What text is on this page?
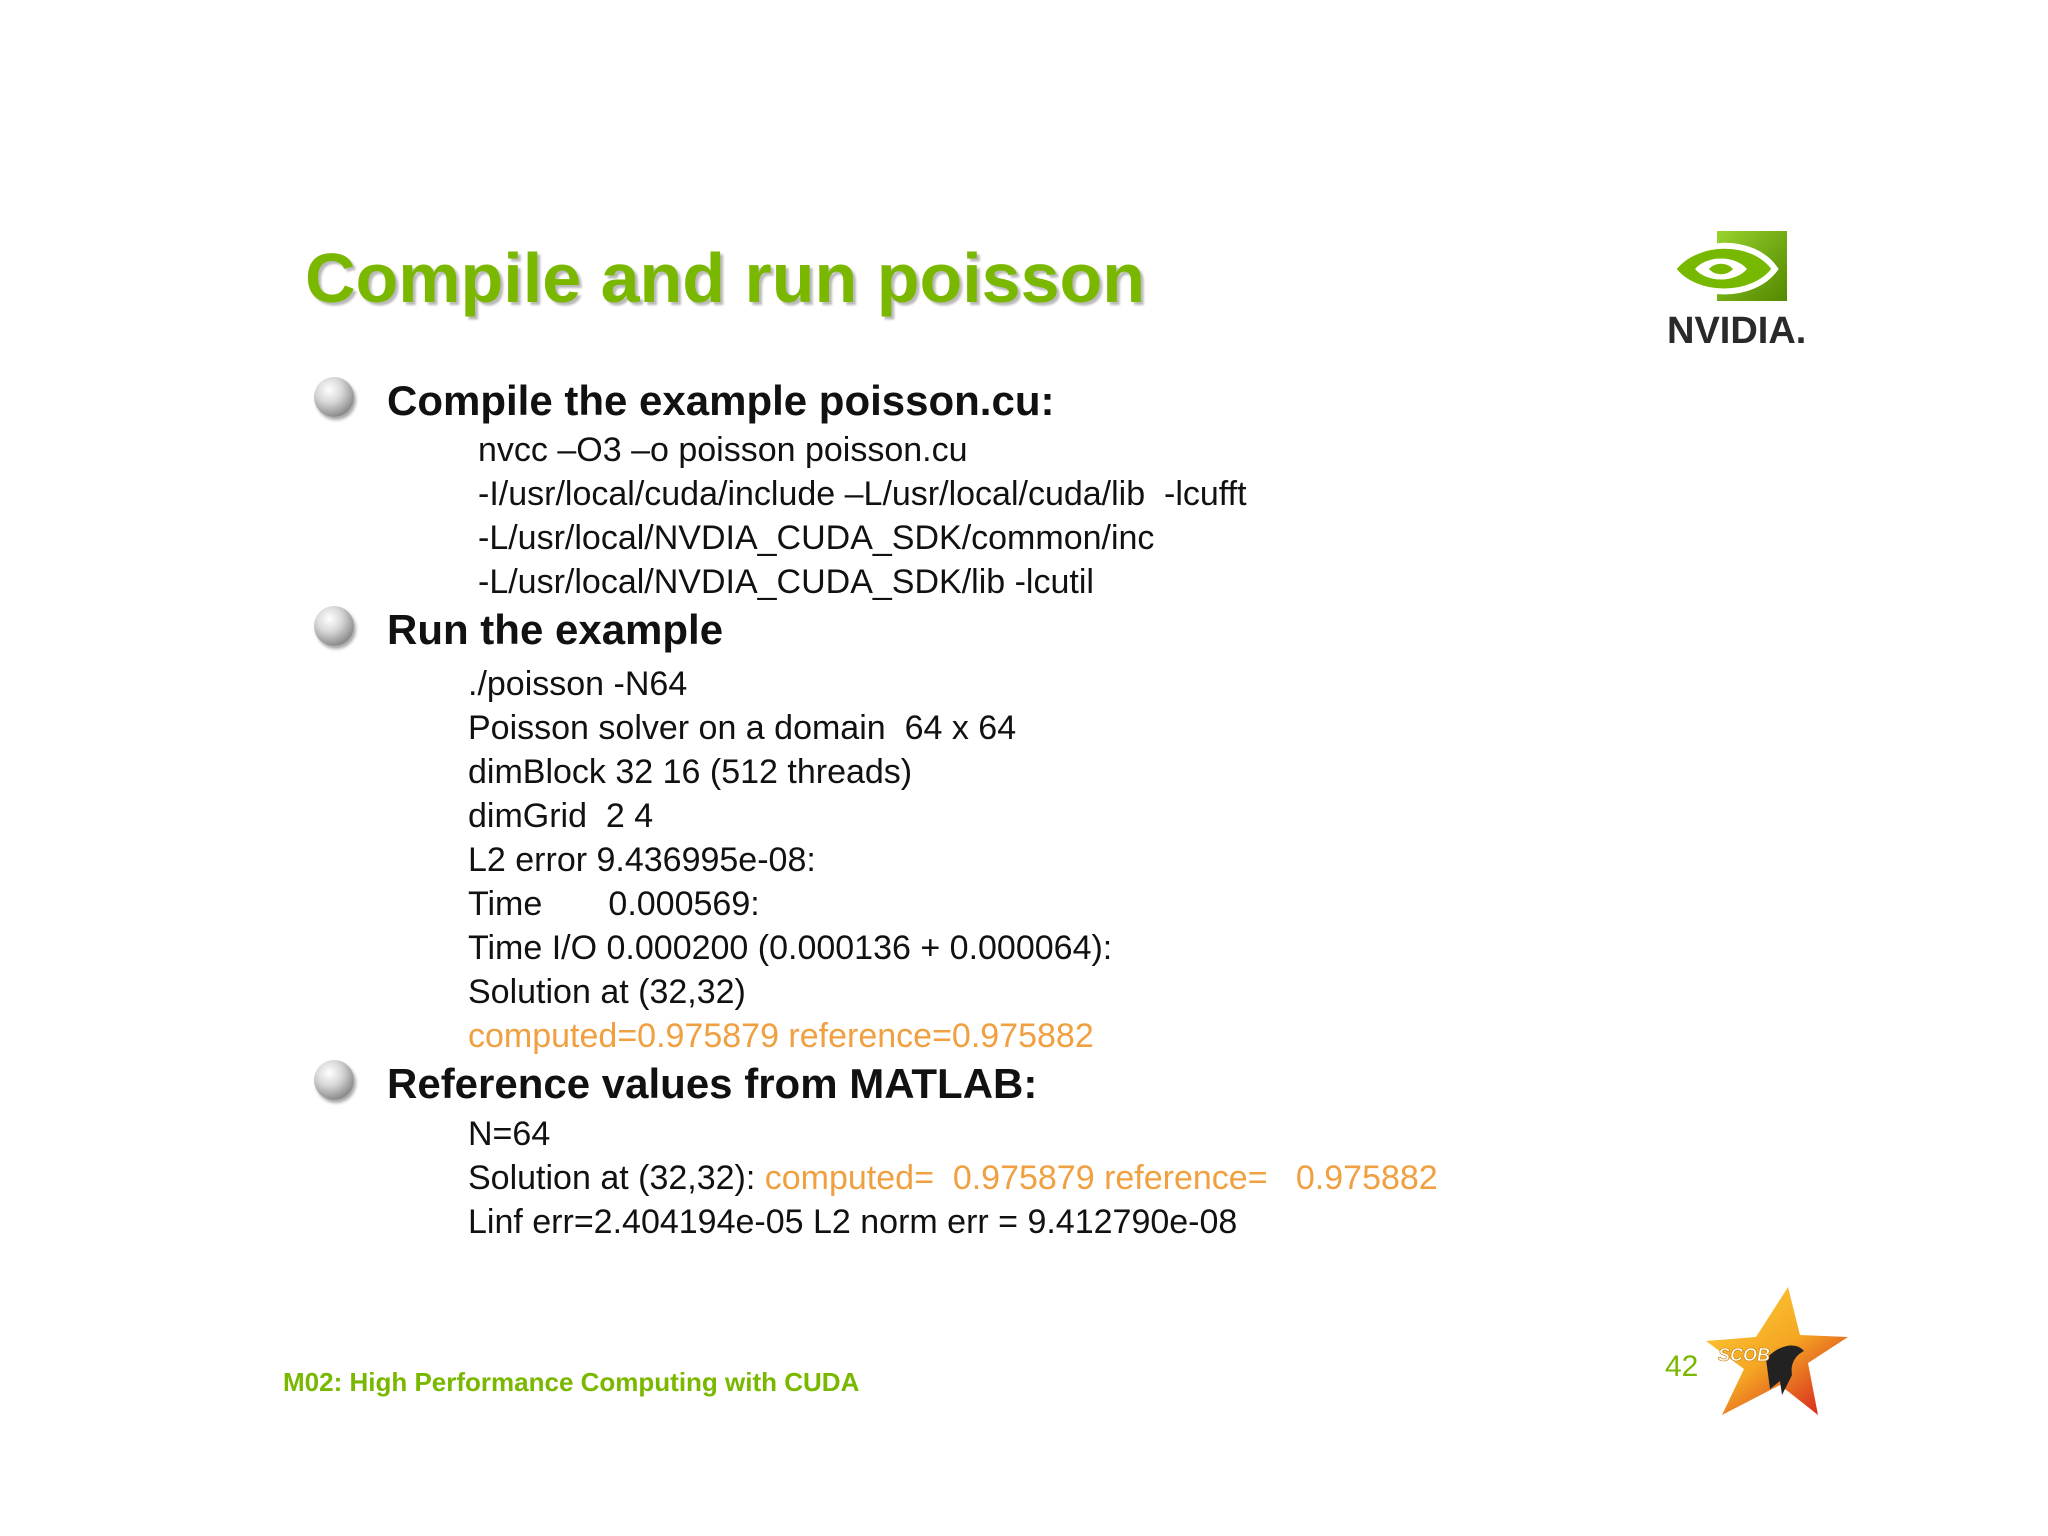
Compile and run poisson
NVIDIA.
Compile the example poisson.cu:
nvcc –O3 –o poisson poisson.cu
-I/usr/local/cuda/include –L/usr/local/cuda/lib  -lcufft
-L/usr/local/NVDIA_CUDA_SDK/common/inc
-L/usr/local/NVDIA_CUDA_SDK/lib -lcutil
Run the example
./poisson -N64
Poisson solver on a domain  64 x 64
dimBlock 32 16 (512 threads)
dimGrid  2 4
L2 error 9.436995e-08:
Time       0.000569:
Time I/O 0.000200 (0.000136 + 0.000064):
Solution at (32,32)
computed=0.975879 reference=0.975882
Reference values from MATLAB:
N=64
Solution at (32,32): computed=  0.975879 reference=   0.975882
Linf err=2.404194e-05 L2 norm err = 9.412790e-08
M02: High Performance Computing with CUDA	42 SCOB
